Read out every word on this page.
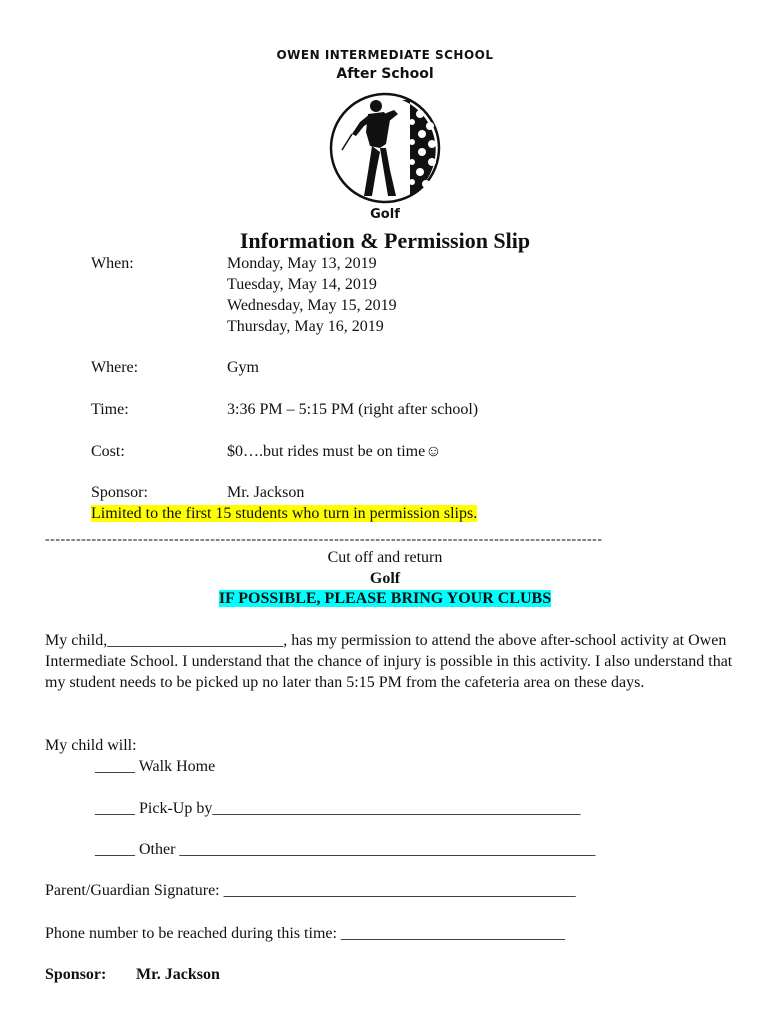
OWEN INTERMEDIATE SCHOOL
After School
Golf
Information & Permission Slip
When:	Monday, May 13, 2019
Tuesday, May 14, 2019
Wednesday, May 15, 2019
Thursday, May 16, 2019
Where:	Gym
Time:	3:36 PM – 5:15 PM (right after school)
Cost:	$0….but rides must be on time☺
Sponsor:	Mr. Jackson
Limited to the first 15 students who turn in permission slips.
------------------------------------------------------------------------------------------------------------
Cut off and return
Golf
IF POSSIBLE, PLEASE BRING YOUR CLUBS

My child,______________________, has my permission to attend the above after-school activity at Owen Intermediate School. I understand that the chance of injury is possible in this activity. I also understand that my student needs to be picked up no later than 5:15 PM from the cafeteria area on these days.

My child will:
_____ Walk Home
_____ Pick-Up by______________________________________________
_____ Other ____________________________________________________
Parent/Guardian Signature: ____________________________________________
Phone number to be reached during this time: ____________________________
Sponsor: Mr. Jackson
